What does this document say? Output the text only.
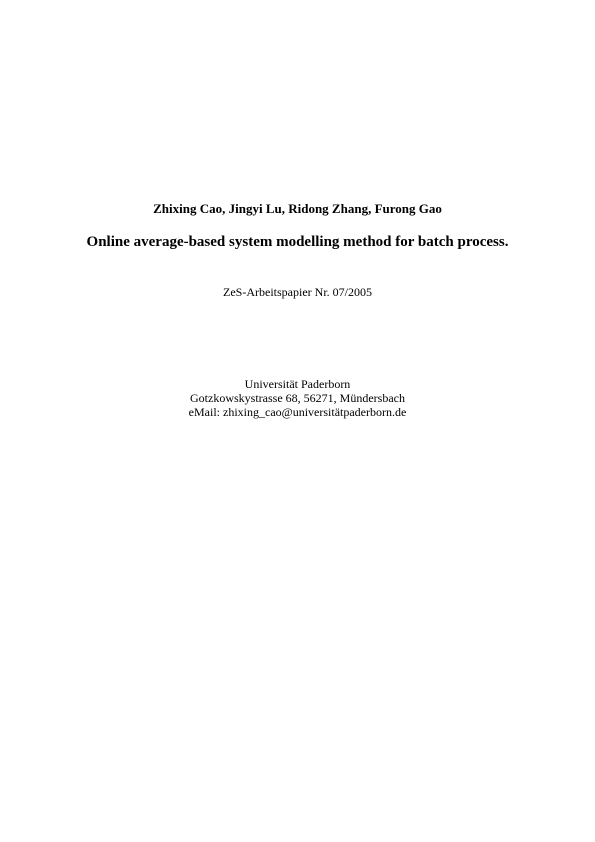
Zhixing Cao, Jingyi Lu, Ridong Zhang, Furong Gao
Online average-based system modelling method for batch process.
ZeS-Arbeitspapier Nr. 07/2005
Universität Paderborn
Gotzkowskystrasse 68, 56271, Mündersbach
eMail: zhixing_cao@universitätpaderborn.de
